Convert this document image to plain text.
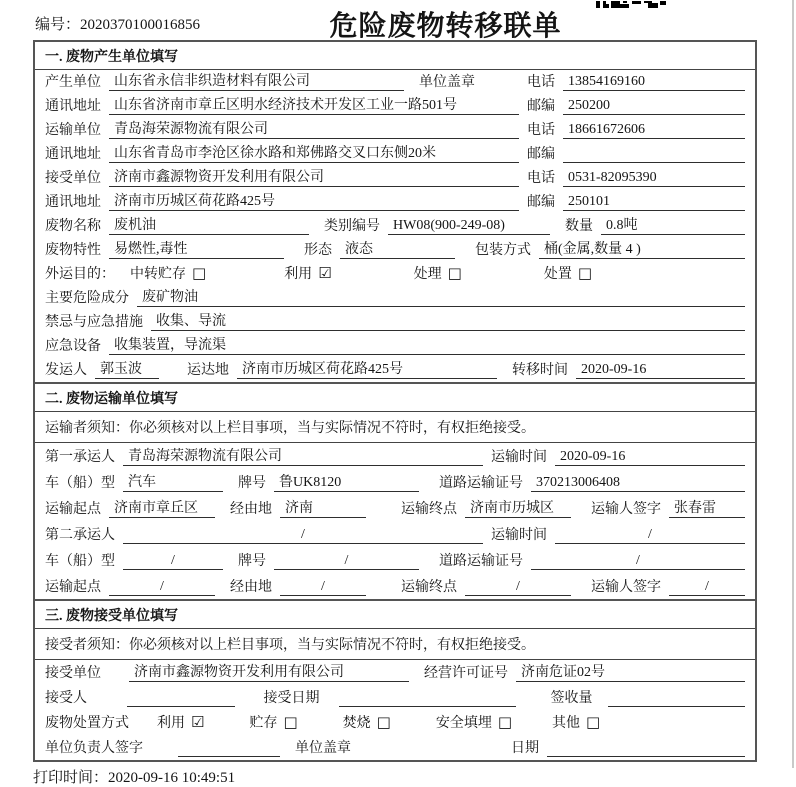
编号：2020370100016856	危险废物转移联单
一. 废物产生单位填写
产生单位 山东省永信非织造材料有限公司	单位盖章	电话 13854169160
通讯地址 山东省济南市章丘区明水经济技术开发区工业一路501号	邮编 250200
运输单位 青岛海荣源物流有限公司	电话 18661672606
通讯地址 山东省青岛市李沧区徐水路和郑佛路交叉口东侧20米	邮编
接受单位 济南市鑫源物资开发利用有限公司	电话 0531-82095390
通讯地址 济南市历城区荷花路425号	邮编 250101
废物名称 废机油	类别编号 HW08(900-249-08)	数量 0.8吨
废物特性 易燃性,毒性	形态 液态	包装方式 桶(金属,数量 4 )
外运目的： 中转贮存 □	利用 ☑	处理 □	处置 □
主要危险成分 废矿物油
禁忌与应急措施 收集、导流
应急设备 收集装置，导流渠
发运人 郭玉波	运达地 济南市历城区荷花路425号	转移时间 2020-09-16
二. 废物运输单位填写
运输者须知：你必须核对以上栏目事项，当与实际情况不符时，有权拒绝接受。
第一承运人 青岛海荣源物流有限公司	运输时间 2020-09-16
车（船）型 汽车	牌号 鲁UK8120	道路运输证号 370213006408
运输起点 济南市章丘区	经由地 济南	运输终点 济南市历城区	运输人签字 张春雷
第二承运人	/	运输时间	/
车（船）型	/	牌号	/	道路运输证号	/
运输起点	/	经由地	/	运输终点	/	运输人签字	/
三. 废物接受单位填写
接受者须知：你必须核对以上栏目事项，当与实际情况不符时，有权拒绝接受。
接受单位	济南市鑫源物资开发利用有限公司	经营许可证号 济南危证02号
接受人	接受日期	签收量
废物处置方式 利用 ☑	贮存 □	焚烧 □	安全填埋 □	其他 □
单位负责人签字	单位盖章	日期
打印时间：2020-09-16 10:49:51
